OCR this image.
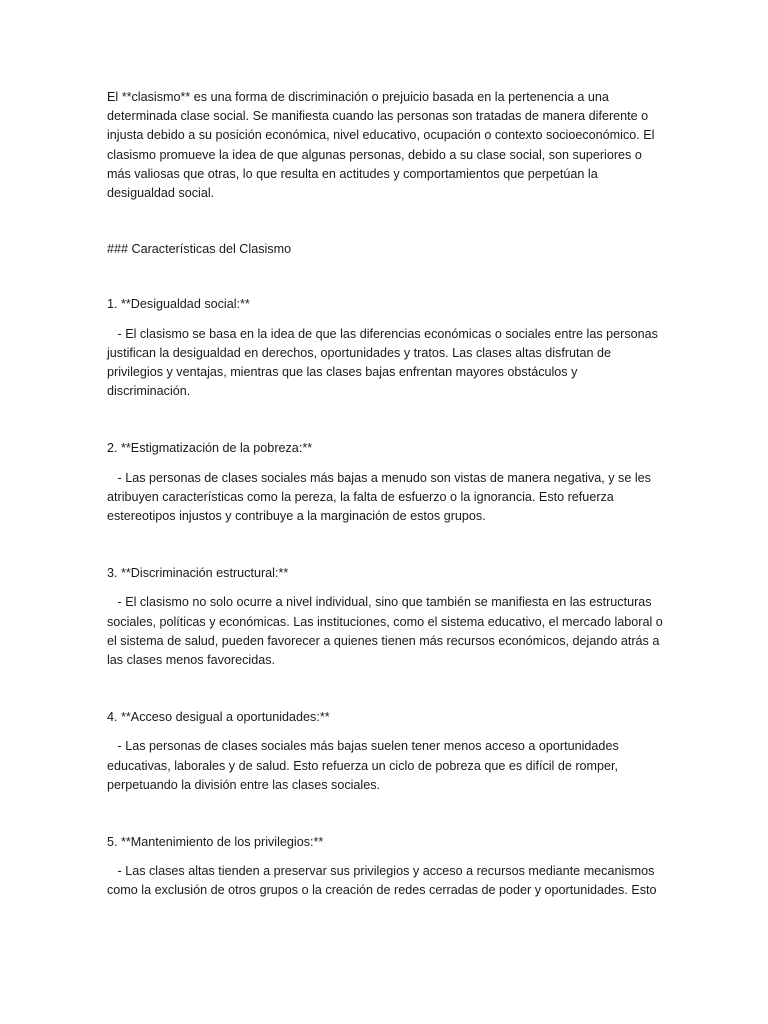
El **clasismo** es una forma de discriminación o prejuicio basada en la pertenencia a una determinada clase social. Se manifiesta cuando las personas son tratadas de manera diferente o injusta debido a su posición económica, nivel educativo, ocupación o contexto socioeconómico. El clasismo promueve la idea de que algunas personas, debido a su clase social, son superiores o más valiosas que otras, lo que resulta en actitudes y comportamientos que perpetúan la desigualdad social.

### Características del Clasismo

1. **Desigualdad social:**

- El clasismo se basa en la idea de que las diferencias económicas o sociales entre las personas justifican la desigualdad en derechos, oportunidades y tratos. Las clases altas disfrutan de privilegios y ventajas, mientras que las clases bajas enfrentan mayores obstáculos y discriminación.

2. **Estigmatización de la pobreza:**

- Las personas de clases sociales más bajas a menudo son vistas de manera negativa, y se les atribuyen características como la pereza, la falta de esfuerzo o la ignorancia. Esto refuerza estereotipos injustos y contribuye a la marginación de estos grupos.

3. **Discriminación estructural:**

- El clasismo no solo ocurre a nivel individual, sino que también se manifiesta en las estructuras sociales, políticas y económicas. Las instituciones, como el sistema educativo, el mercado laboral o el sistema de salud, pueden favorecer a quienes tienen más recursos económicos, dejando atrás a las clases menos favorecidas.

4. **Acceso desigual a oportunidades:**

- Las personas de clases sociales más bajas suelen tener menos acceso a oportunidades educativas, laborales y de salud. Esto refuerza un ciclo de pobreza que es difícil de romper, perpetuando la división entre las clases sociales.

5. **Mantenimiento de los privilegios:**

- Las clases altas tienden a preservar sus privilegios y acceso a recursos mediante mecanismos como la exclusión de otros grupos o la creación de redes cerradas de poder y oportunidades. Esto
